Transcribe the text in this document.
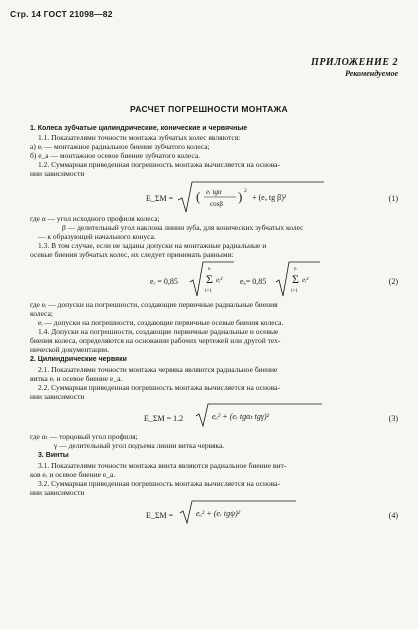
Стр. 14 ГОСТ 21098—82
ПРИЛОЖЕНИЕ 2
Рекомендуемое
РАСЧЕТ ПОГРЕШНОСТИ МОНТАЖА
1. Колеса зубчатые цилиндрические, конические и червячные
1.1. Показателями точности монтажа зубчатых колес являются:
а) eᵣ — монтажное радиальное биение зубчатого колеса;
б) e_a — монтажное осевое биение зубчатого колеса.
1.2. Суммарная приведенная погрешность монтажа вычисляется на основа-
нии зависимости
E_ΣM = ( eᵣ tgα
cosβ ) 2
+ (eₐ tg β)²	(1)
где α — угол исходного профиля колеса;
β — делительный угол наклона линии зуба, для конических зубчатых колес
— к образующей начального конуса.
1.3. В том случае, если не заданы допуски на монтажные радиальные и
осевые биения зубчатых колес, их следует принимать равными:
eᵣ = 0,85
n
Σ eᵢ²
i=1
eₐ= 0,85
n
Σ eᵢ²
i=1
(2)
где eᵢ — допуски на погрешности, создающие первичные радиальные биения
колеса;
eᵢ — допуски на погрешности, создающие первичные осевые биения колеса.
1.4. Допуски на погрешности, создающие первичные радиальные и осевые
биения колеса, определяются на основании рабочих чертежей или другой тех-
нической документации.
2. Цилиндрические червяки
2.1. Показателями точности монтажа червяка являются радиальное биение
витка eᵣ и осевое биение e_a.
2.2. Суммарная приведенная погрешность монтажа вычисляется на основа-
нии зависимости
E_ΣM = 1.2	eₐ² + (eᵣ tgαₜ tgγ)²	(3)
где αₜ — торцовый угол профиля;
γ — делительный угол подъема линии витка червяка.
3. Винты
3.1. Показателями точности монтажа винта являются радиальное биение вит-
ков eᵣ и осевое биение e_a.
3.2. Суммарная приведенная погрешность монтажа вычисляется на основа-
нии зависимости
E_ΣM =	eₐ² + (eᵣ tgψ)²	(4)
